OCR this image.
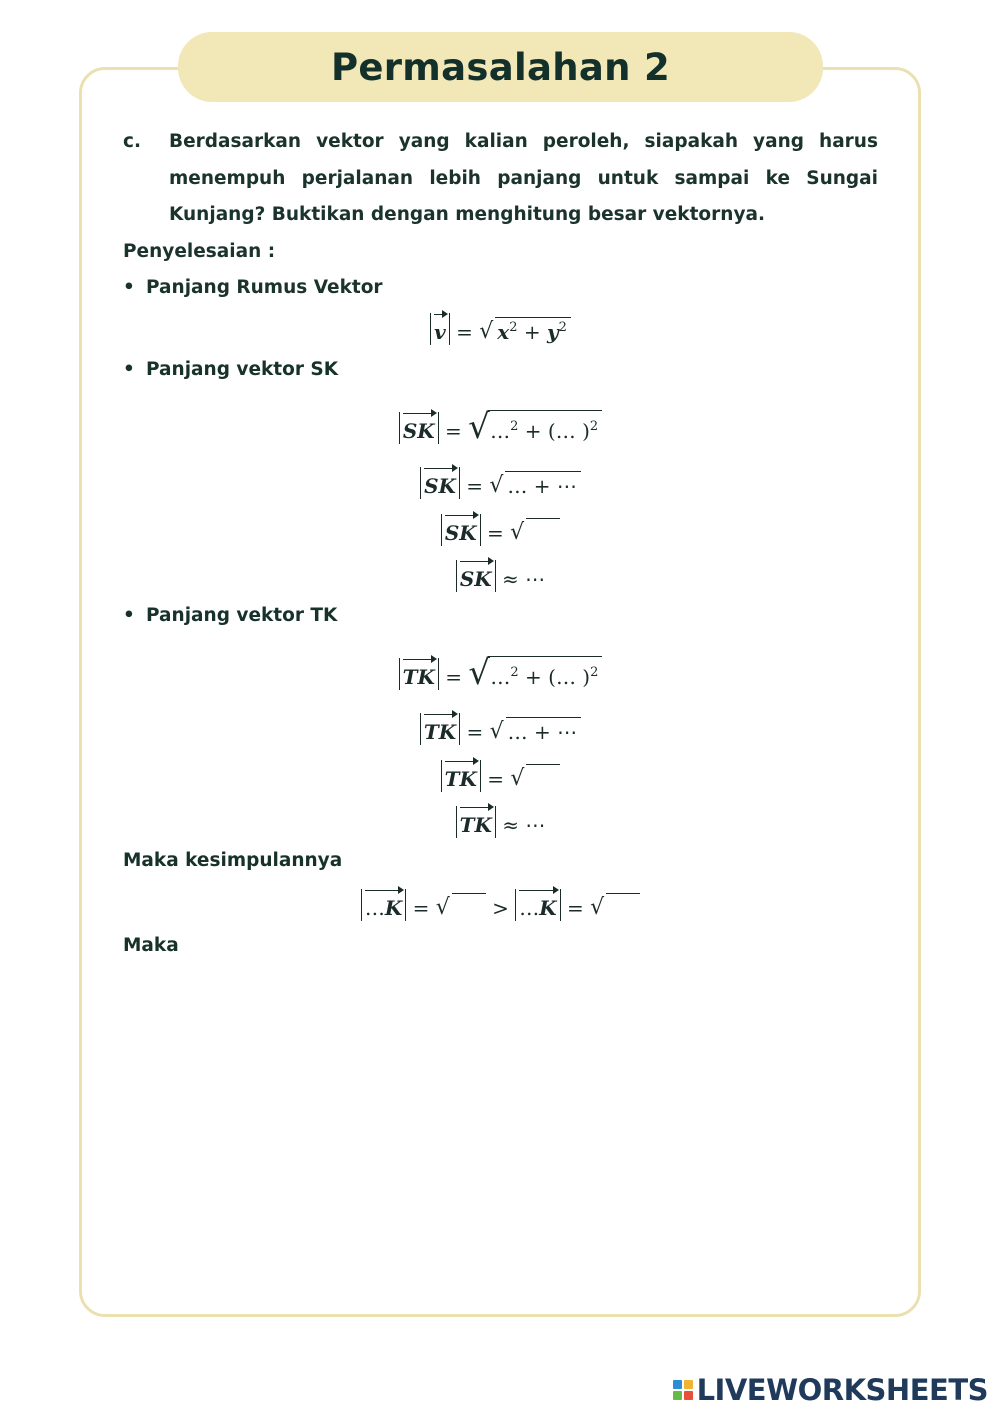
Permasalahan 2
c.	Berdasarkan vektor yang kalian peroleh, siapakah yang harus menempuh perjalanan lebih panjang untuk sampai ke Sungai Kunjang? Buktikan dengan menghitung besar vektornya.
Penyelesaian :
• Panjang Rumus Vektor
v = √ $x^2 + y^2$
• Panjang vektor SK
SK = √ …$^2$ + (… )$^2$
SK = √ … + ⋯
SK = √
SK ≈ ⋯
• Panjang vektor TK
TK = √ …$^2$ + (… )$^2$
TK = √ … + ⋯
TK = √
TK ≈ ⋯
Maka kesimpulannya
…K = √ > …K = √
Maka
LIVEWORKSHEETS
